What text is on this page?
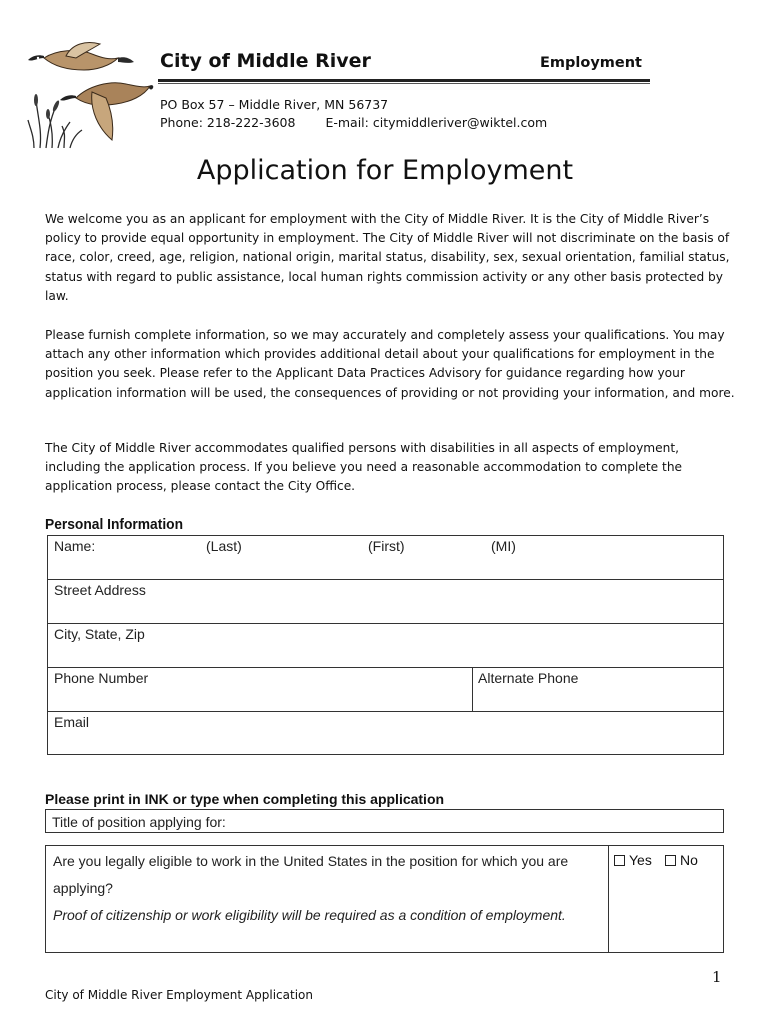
City of Middle River	Employment
PO Box 57 – Middle River, MN 56737
Phone: 218-222-3608 E-mail: citymiddleriver@wiktel.com
Application for Employment
We welcome you as an applicant for employment with the City of Middle River. It is the City of Middle River’s policy to provide equal opportunity in employment. The City of Middle River will not discriminate on the basis of race, color, creed, age, religion, national origin, marital status, disability, sex, sexual orientation, familial status, status with regard to public assistance, local human rights commission activity or any other basis protected by law.
Please furnish complete information, so we may accurately and completely assess your qualifications. You may attach any other information which provides additional detail about your qualifications for employment in the position you seek. Please refer to the Applicant Data Practices Advisory for guidance regarding how your application information will be used, the consequences of providing or not providing your information, and more.
The City of Middle River accommodates qualified persons with disabilities in all aspects of employment, including the application process. If you believe you need a reasonable accommodation to complete the application process, please contact the City Office.
Personal Information
Name:	(Last)	(First)	(MI)
Street Address
City, State, Zip
Phone Number	Alternate Phone
Email
Please print in INK or type when completing this application
Title of position applying for:
Are you legally eligible to work in the United States in the position for which you are applying?
Proof of citizenship or work eligibility will be required as a condition of employment.
Yes No
1
City of Middle River Employment Application
